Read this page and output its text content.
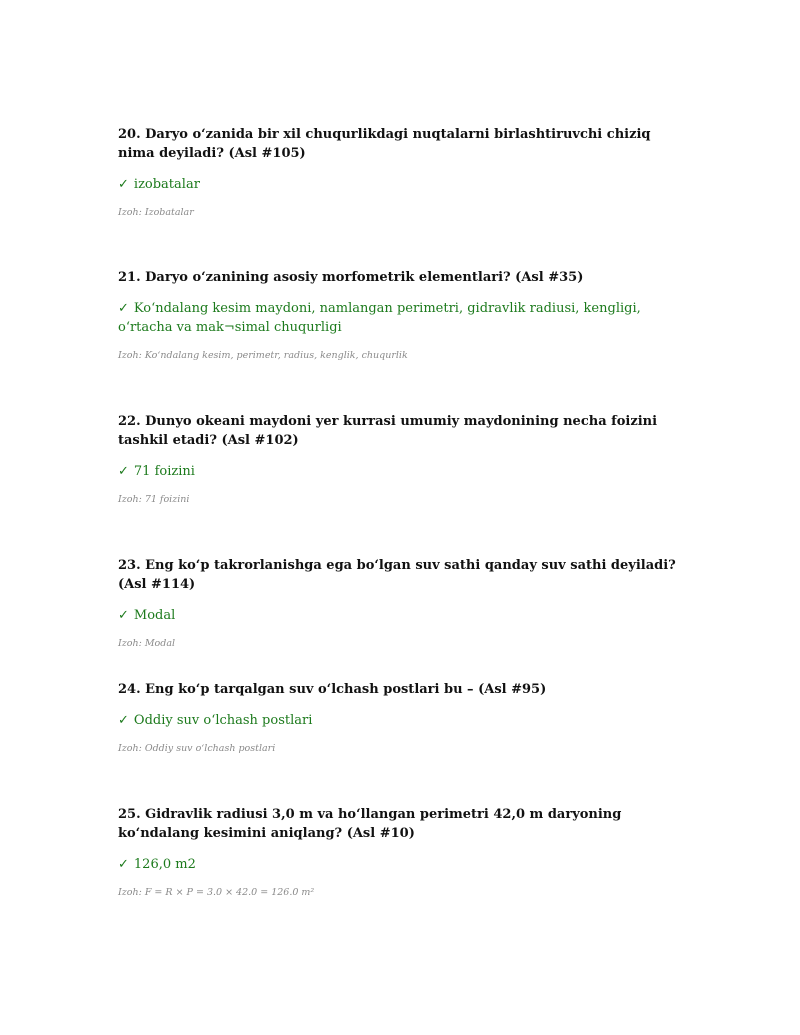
20. Daryo o‘zanida bir xil chuqurlikdagi nuqtalarni birlashtiruvchi chiziq nima deyiladi? (Asl #105)

✓ izobatalar

Izoh: Izobatalar

21. Daryo o‘zanining asosiy morfometrik elementlari? (Asl #35)

✓ Ko‘ndalang kesim maydoni, namlangan perimetri, gidravlik radiusi, kengligi, o‘rtacha va mak¬simal chuqurligi

Izoh: Ko‘ndalang kesim, perimetr, radius, kenglik, chuqurlik

22. Dunyo okeani maydoni yer kurrasi umumiy maydonining necha foizini tashkil etadi? (Asl #102)

✓ 71 foizini

Izoh: 71 foizini

23. Eng ko‘p takrorlanishga ega bo‘lgan suv sathi qanday suv sathi deyiladi? (Asl #114)

✓ Modal

Izoh: Modal

24. Eng ko‘p tarqalgan suv o‘lchash postlari bu – (Asl #95)

✓ Oddiy suv o‘lchash postlari

Izoh: Oddiy suv o‘lchash postlari

25. Gidravlik radiusi 3,0 m va ho‘llangan perimetri 42,0 m daryoning ko‘ndalang kesimini aniqlang? (Asl #10)

✓ 126,0 m2

Izoh: F = R × P = 3.0 × 42.0 = 126.0 m²
